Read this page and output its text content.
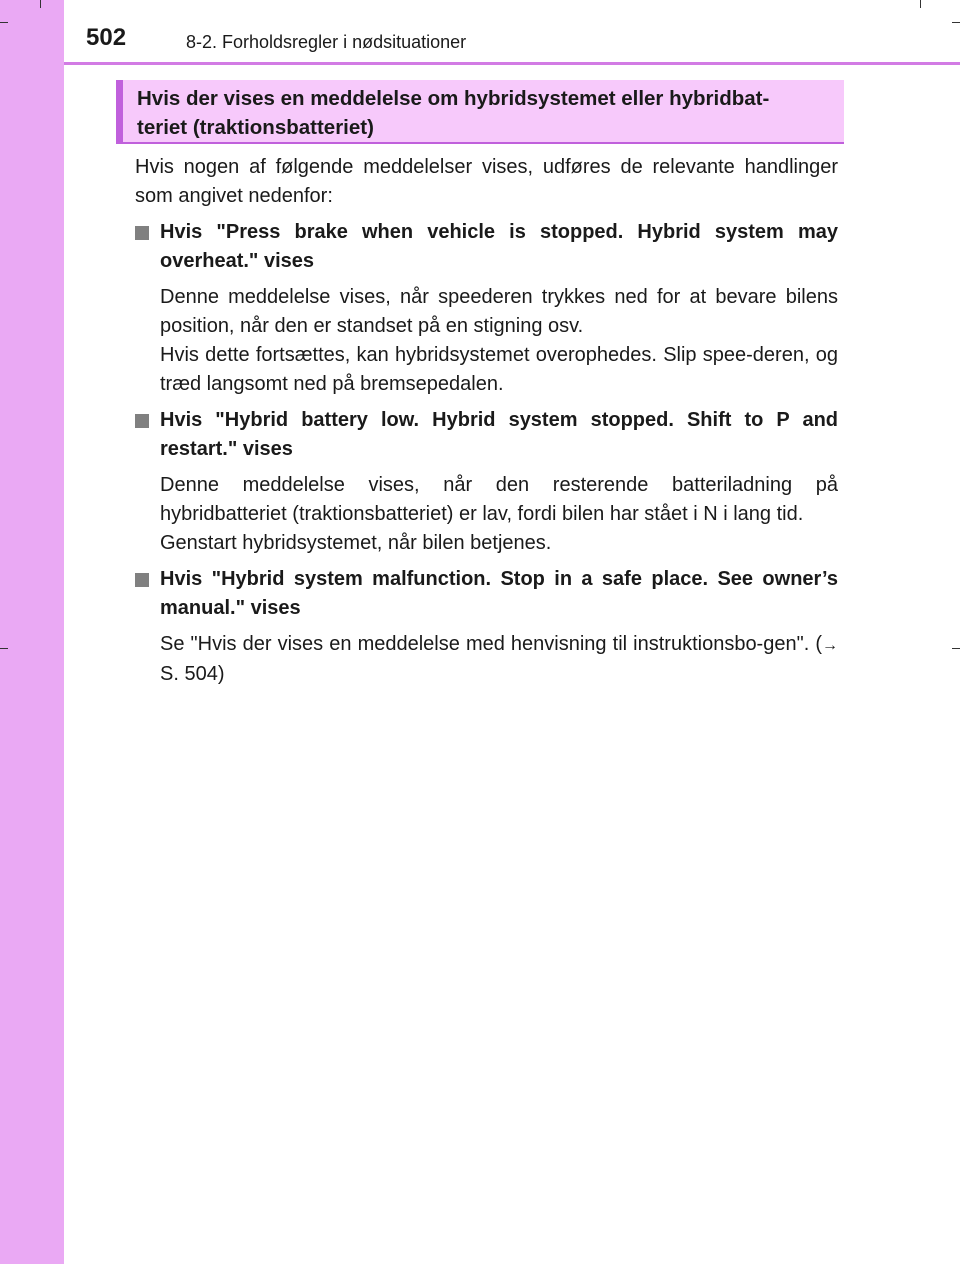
502	8-2. Forholdsregler i nødsituationer
Hvis der vises en meddelelse om hybridsystemet eller hybridbat-
teriet (traktionsbatteriet)

Hvis nogen af følgende meddelelser vises, udføres de relevante handlinger som angivet nedenfor:

Hvis "Press brake when vehicle is stopped. Hybrid system may overheat." vises

Denne meddelelse vises, når speederen trykkes ned for at bevare bilens position, når den er standset på en stigning osv.

Hvis dette fortsættes, kan hybridsystemet overophedes. Slip spee-deren, og træd langsomt ned på bremsepedalen.

Hvis "Hybrid battery low. Hybrid system stopped. Shift to P and restart." vises

Denne meddelelse vises, når den resterende batteriladning på hybridbatteriet (traktionsbatteriet) er lav, fordi bilen har stået i N i lang tid.

Genstart hybridsystemet, når bilen betjenes.

Hvis "Hybrid system malfunction. Stop in a safe place. See owner’s manual." vises

Se "Hvis der vises en meddelelse med henvisning til instruktionsbo-gen". (→S. 504)
